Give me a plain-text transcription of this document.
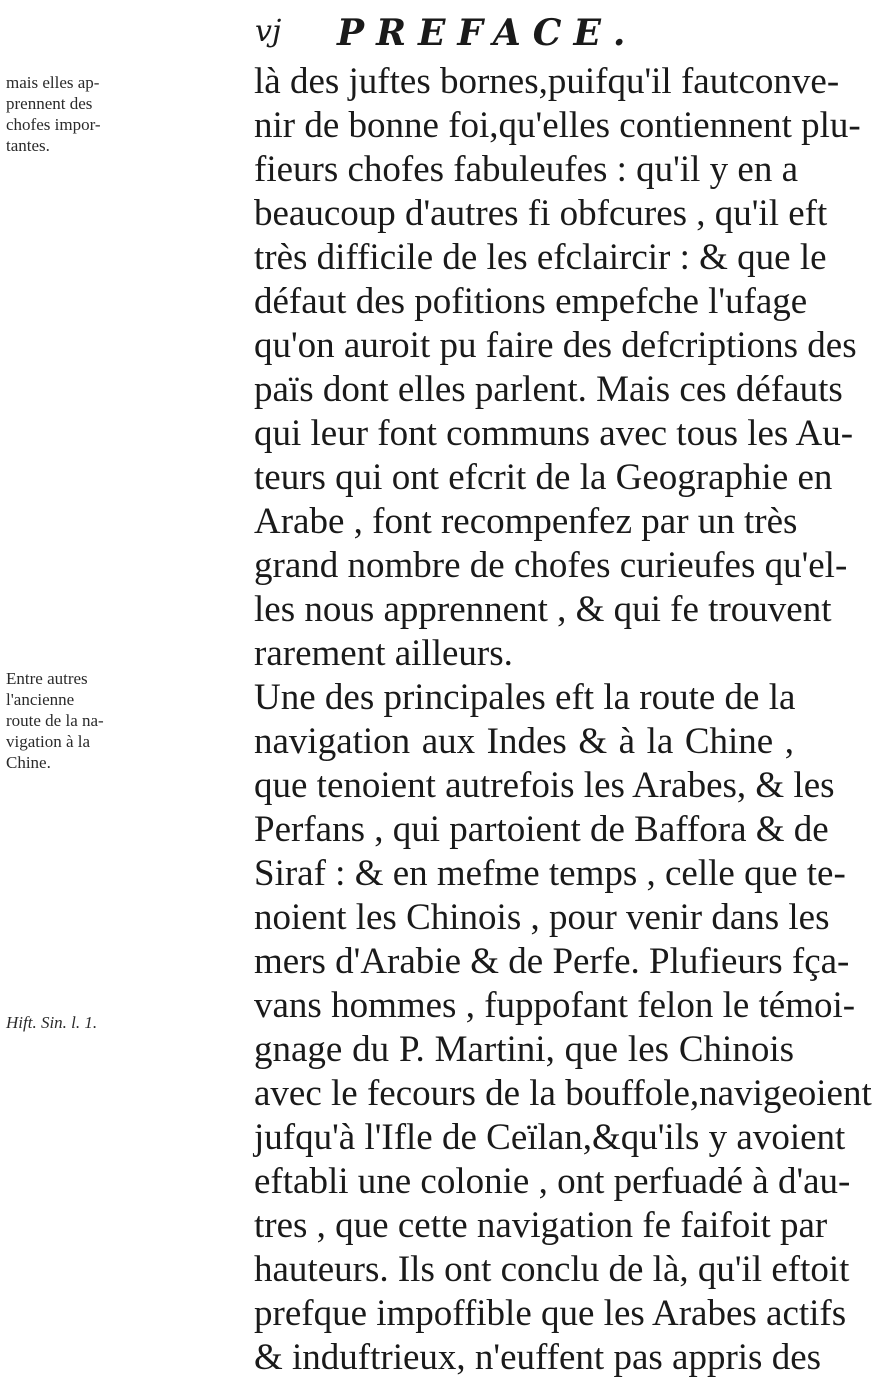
vj PREFACE.
mais elles ap-
prennent des
chofes impor-
tantes.
Entre autres
l'ancienne
route de la na-
vigation à la
Chine.
Hift. Sin. l. 1.
là des juftes bornes,puifqu'il fautconve-
nir de bonne foi,qu'elles contiennent plu-
fieurs chofes fabuleufes : qu'il y en a
beaucoup d'autres fi obfcures , qu'il eft
très difficile de les efclaircir : & que le
défaut des pofitions empefche l'ufage
qu'on auroit pu faire des defcriptions des
païs dont elles parlent. Mais ces défauts
qui leur font communs avec tous les Au-
teurs qui ont efcrit de la Geographie en
Arabe , font recompenfez par un très
grand nombre de chofes curieufes qu'el-
les nous apprennent , & qui fe trouvent
rarement ailleurs.
Une des principales eft la route de la
navigation aux Indes & à la Chine ,
que tenoient autrefois les Arabes, & les
Perfans , qui partoient de Baffora & de
Siraf : & en mefme temps , celle que te-
noient les Chinois , pour venir dans les
mers d'Arabie & de Perfe. Plufieurs fça-
vans hommes , fuppofant felon le témoi-
gnage du P. Martini, que les Chinois
avec le fecours de la bouffole,navigeoient
jufqu'à l'Ifle de Ceïlan,&qu'ils y avoient
eftabli une colonie , ont perfuadé à d'au-
tres , que cette navigation fe faifoit par
hauteurs. Ils ont conclu de là, qu'il eftoit
prefque impoffible que les Arabes actifs
& induftrieux, n'euffent pas appris des
